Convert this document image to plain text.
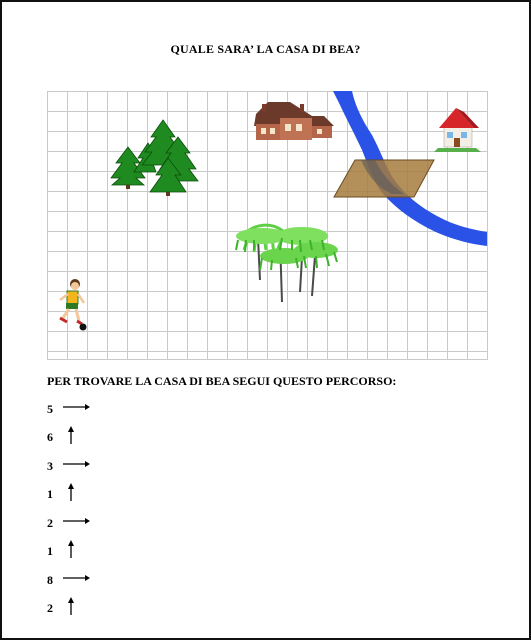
QUALE SARA’ LA CASA DI BEA?
PER TROVARE LA CASA DI BEA SEGUI QUESTO PERCORSO:
5
6
3
1
2
1
8
2
